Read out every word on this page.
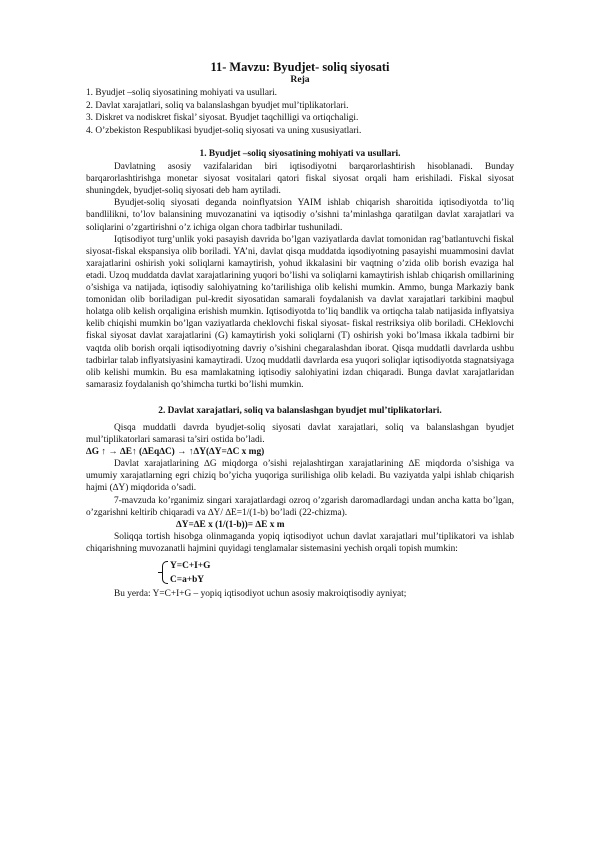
11- Mavzu: Byudjet- soliq siyosati
Reja
1. Byudjet –soliq siyosatining mohiyati va usullari.
2. Davlat xarajatlari, soliq va balanslashgan byudjet mul’tiplikatorlari.
3. Diskret va nodiskret fiskal’ siyosat. Byudjet taqchilligi va ortiqchaligi.
4. O’zbekiston Respublikasi byudjet-soliq siyosati va uning xususiyatlari.
1. Byudjet –soliq siyosatining mohiyati va usullari.

Davlatning asosiy vazifalaridan biri iqtisodiyotni barqarorlashtirish hisoblanadi. Bunday barqarorlashtirishga monetar siyosat vositalari qatori fiskal siyosat orqali ham erishiladi. Fiskal siyosat shuningdek, byudjet-soliq siyosati deb ham aytiladi.

Byudjet-soliq siyosati deganda noinflyatsion YAIM ishlab chiqarish sharoitida iqtisodiyotda to’liq bandlilikni, to’lov balansining muvozanatini va iqtisodiy o’sishni ta’minlashga qaratilgan davlat xarajatlari va soliqlarini o’zgartirishni o’z ichiga olgan chora tadbirlar tushuniladi.

Iqtisodiyot turg’unlik yoki pasayish davrida bo’lgan vaziyatlarda davlat tomonidan rag’batlantuvchi fiskal siyosat-fiskal ekspansiya olib boriladi. YA’ni, davlat qisqa muddatda iqsodiyotning pasayishi muammosini davlat xarajatlarini oshirish yoki soliqlarni kamaytirish, yohud ikkalasini bir vaqtning o’zida olib borish evaziga hal etadi. Uzoq muddatda davlat xarajatlarining yuqori bo’lishi va soliqlarni kamaytirish ishlab chiqarish omillarining o’sishiga va natijada, iqtisodiy salohiyatning ko’tarilishiga olib kelishi mumkin. Ammo, bunga Markaziy bank tomonidan olib boriladigan pul-kredit siyosatidan samarali foydalanish va davlat xarajatlari tarkibini maqbul holatga olib kelish orqaligina erishish mumkin. Iqtisodiyotda to’liq bandlik va ortiqcha talab natijasida inflyatsiya kelib chiqishi mumkin bo’lgan vaziyatlarda cheklovchi fiskal siyosat- fiskal restriksiya olib boriladi. CHeklovchi fiskal siyosat davlat xarajatlarini (G) kamaytirish yoki soliqlarni (T) oshirish yoki bo’lmasa ikkala tadbirni bir vaqtda olib borish orqali iqtisodiyotning davriy o’sishini chegaralashdan iborat. Qisqa muddatli davrlarda ushbu tadbirlar talab inflyatsiyasini kamaytiradi. Uzoq muddatli davrlarda esa yuqori soliqlar iqtisodiyotda stagnatsiyaga olib kelishi mumkin. Bu esa mamlakatning iqtisodiy salohiyatini izdan chiqaradi. Bunga davlat xarajatlaridan samarasiz foydalanish qo’shimcha turtki bo’lishi mumkin.

2. Davlat xarajatlari, soliq va balanslashgan byudjet mul’tiplikatorlari.

Qisqa muddatli davrda byudjet-soliq siyosati davlat xarajatlari, soliq va balanslashgan byudjet mul’tiplikatorlari samarasi ta’siri ostida bo’ladi.

∆G ↑ → ∆E↑ (∆Eq∆C) → ↑∆Y(∆Y=∆C x mg)

Davlat xarajatlarining ∆G miqdorga o’sishi rejalashtirgan xarajatlarining ∆E miqdorda o’sishiga va umumiy xarajatlarning egri chiziq bo’yicha yuqoriga surilishiga olib keladi. Bu vaziyatda yalpi ishlab chiqarish hajmi (∆Y) miqdorida o’sadi.

7-mavzuda ko’rganimiz singari xarajatlardagi ozroq o’zgarish daromadlardagi undan ancha katta bo’lgan, o’zgarishni keltirib chiqaradi va ∆Y/ ∆E=1/(1-b) bo’ladi (22-chizma).

∆Y=∆E x (1/(1-b))= ∆E x m

Soliqqa tortish hisobga olinmaganda yopiq iqtisodiyot uchun davlat xarajatlari mul’tiplikatori va ishlab chiqarishning muvozanatli hajmini quyidagi tenglamalar sistemasini yechish orqali topish mumkin:

Y=C+I+G
C=a+bY

Bu yerda: Y=C+I+G – yopiq iqtisodiyot uchun asosiy makroiqtisodiy ayniyat;
